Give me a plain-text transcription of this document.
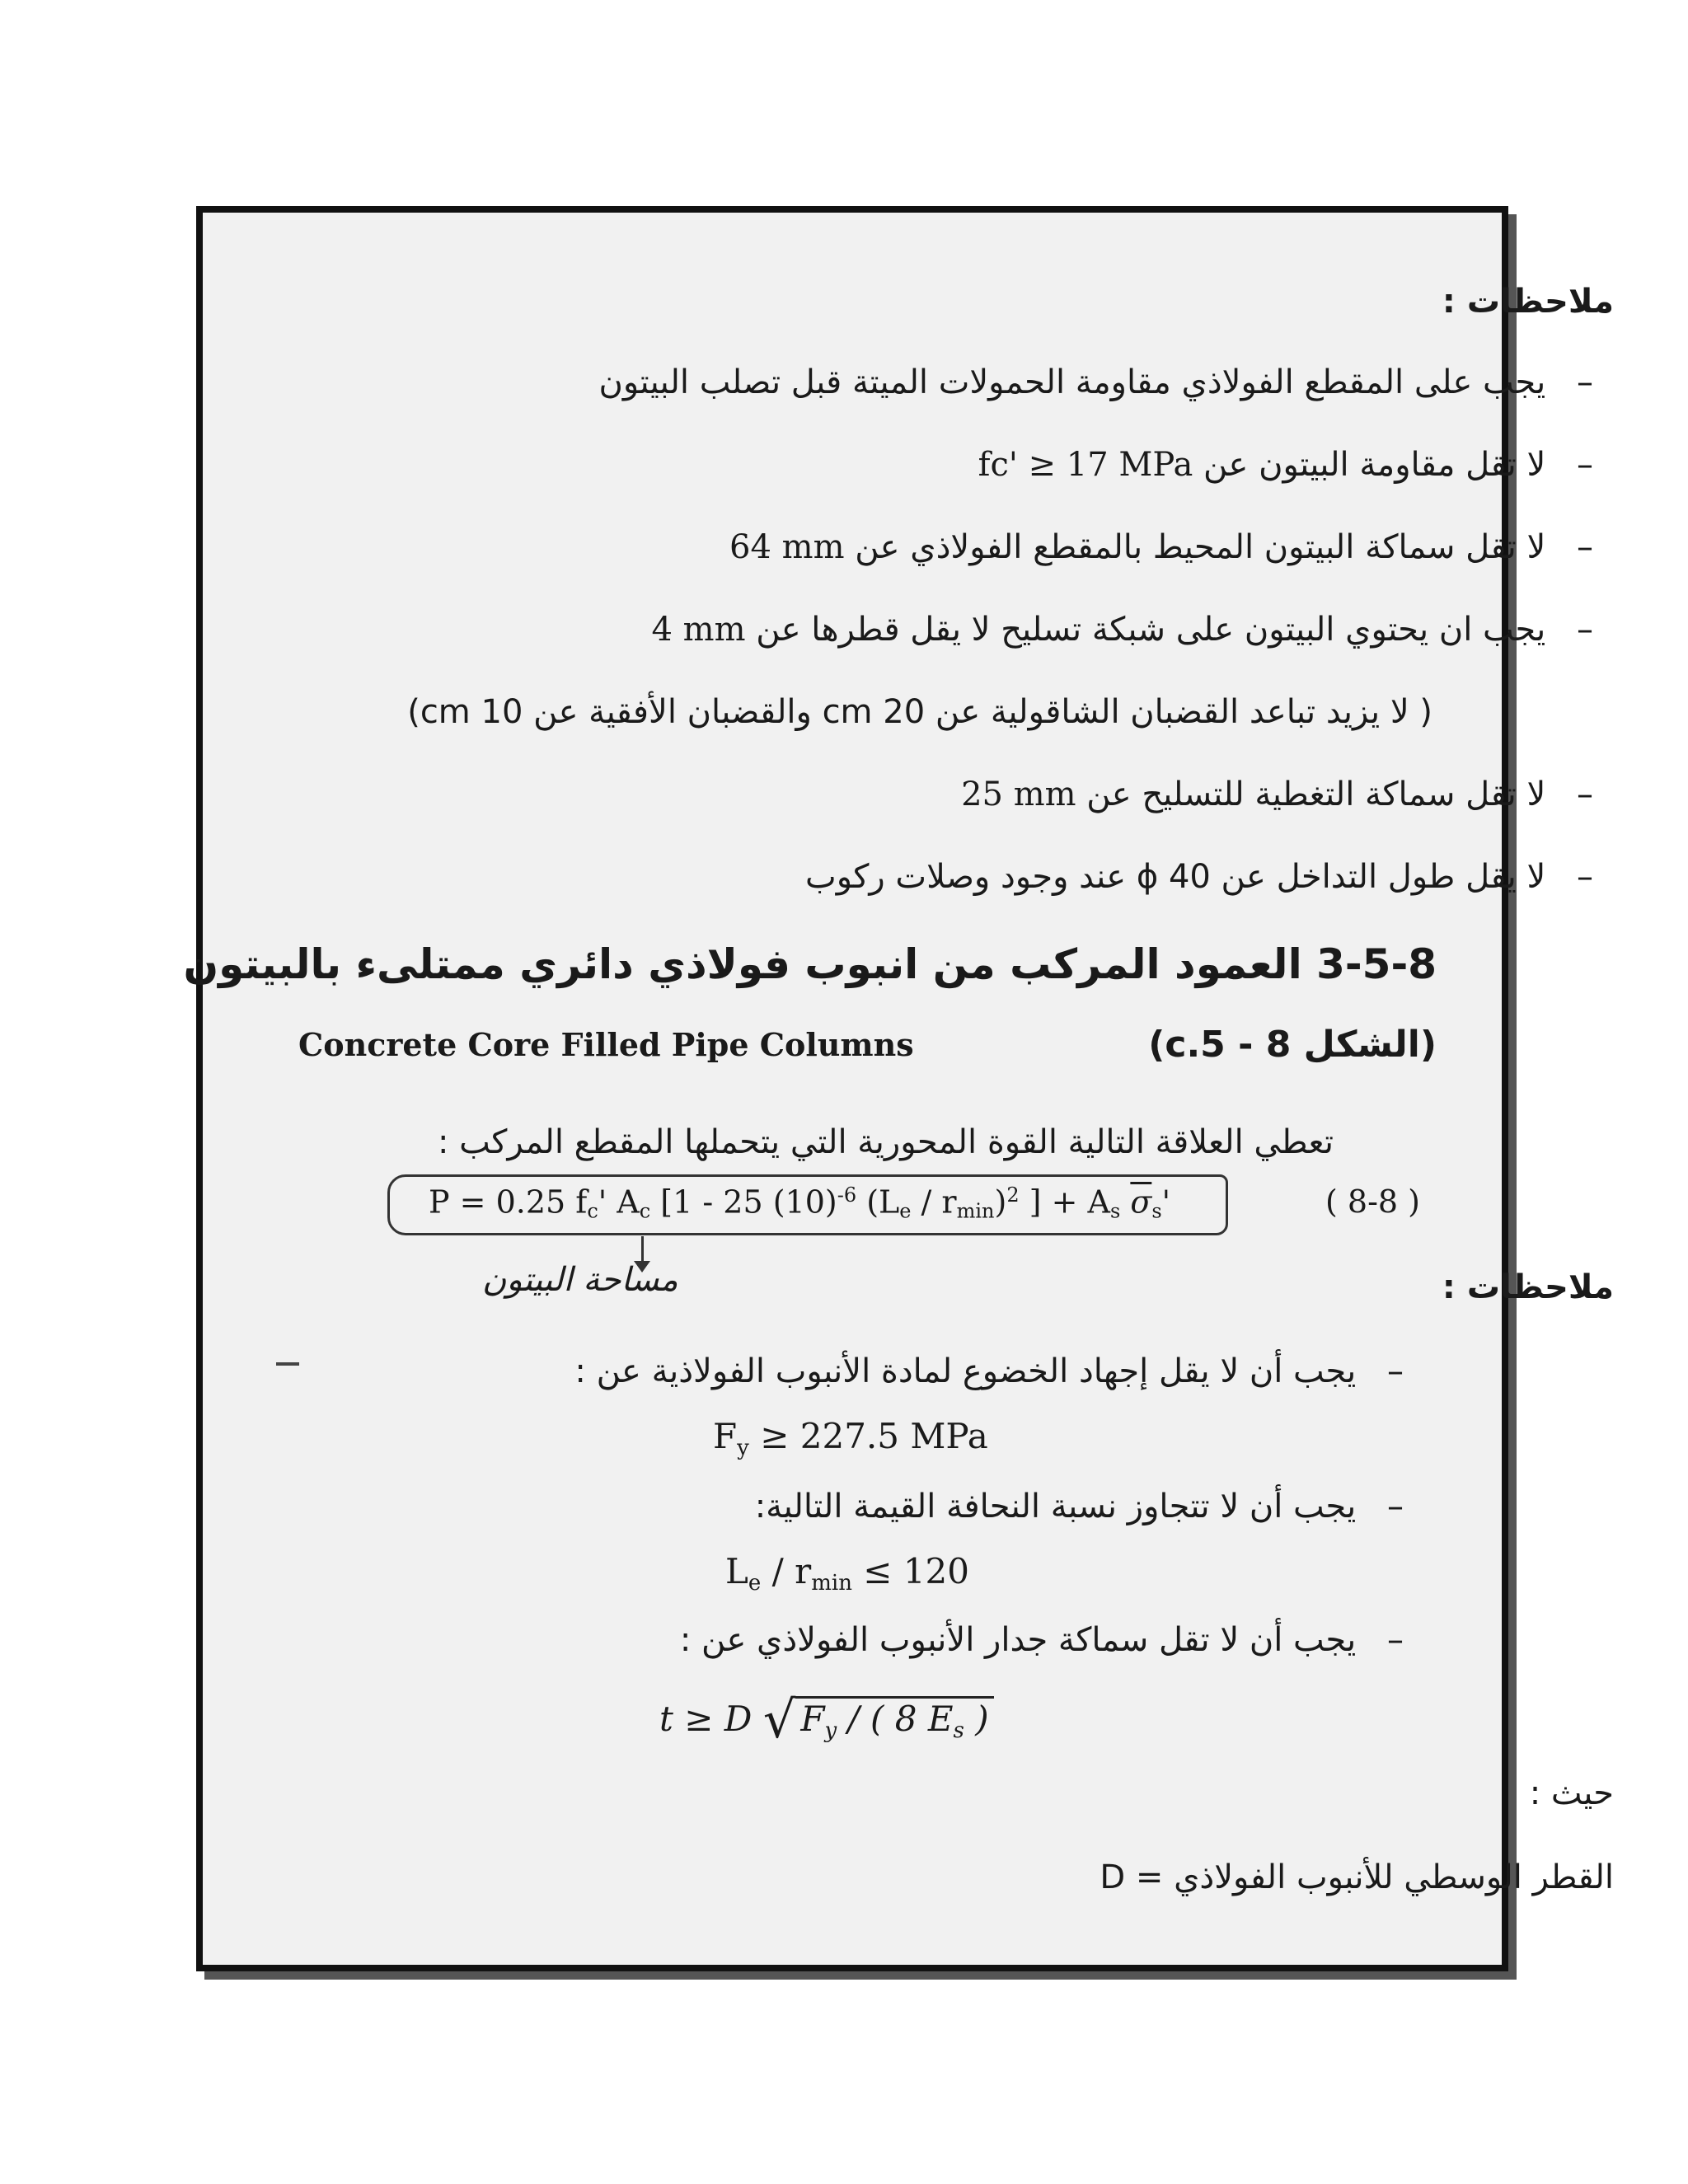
ملاحظات :
– يجب على المقطع الفولاذي مقاومة الحمولات الميتة قبل تصلب البيتون
– لا تقل مقاومة البيتون عن fc' ≥ 17 MPa
– لا تقل سماكة البيتون المحيط بالمقطع الفولاذي عن 64 mm
– يجب ان يحتوي البيتون على شبكة تسليح لا يقل قطرها عن 4 mm
( لا يزيد تباعد القضبان الشاقولية عن 20 cm والقضبان الأفقية عن 10 cm)
– لا تقل سماكة التغطية للتسليح عن 25 mm
– لا يقل طول التداخل عن 40 ɸ عند وجود وصلات ركوب
3-5-8 العمود المركب من انبوب فولاذي دائري ممتلىء بالبيتون
(الشكل 8 - 5.c)
Concrete Core Filled Pipe Columns
تعطي العلاقة التالية القوة المحورية التي يتحملها المقطع المركب :
P = 0.25 $f_c'$ $A_c$ [1 - 25 $(10)^{-6}$ $(L_e / r_{min})^2$ ] + $A_s$ $\overline{\sigma}_s'$	( 8-8 )
مساحة البيتون	ملاحظات :
– يجب أن لا يقل إجهاد الخضوع لمادة الأنبوب الفولاذية عن :
$F_y \ge 227.5$ MPa
– يجب أن لا تتجاوز نسبة النحافة القيمة التالية:
$L_e / r_{min} \le 120$
– يجب أن لا تقل سماكة جدار الأنبوب الفولاذي عن :
t ≥ D √ $F_y$ / ( 8 $E_s$ )
حيث :
D = القطر الوسطي للأنبوب الفولاذي
